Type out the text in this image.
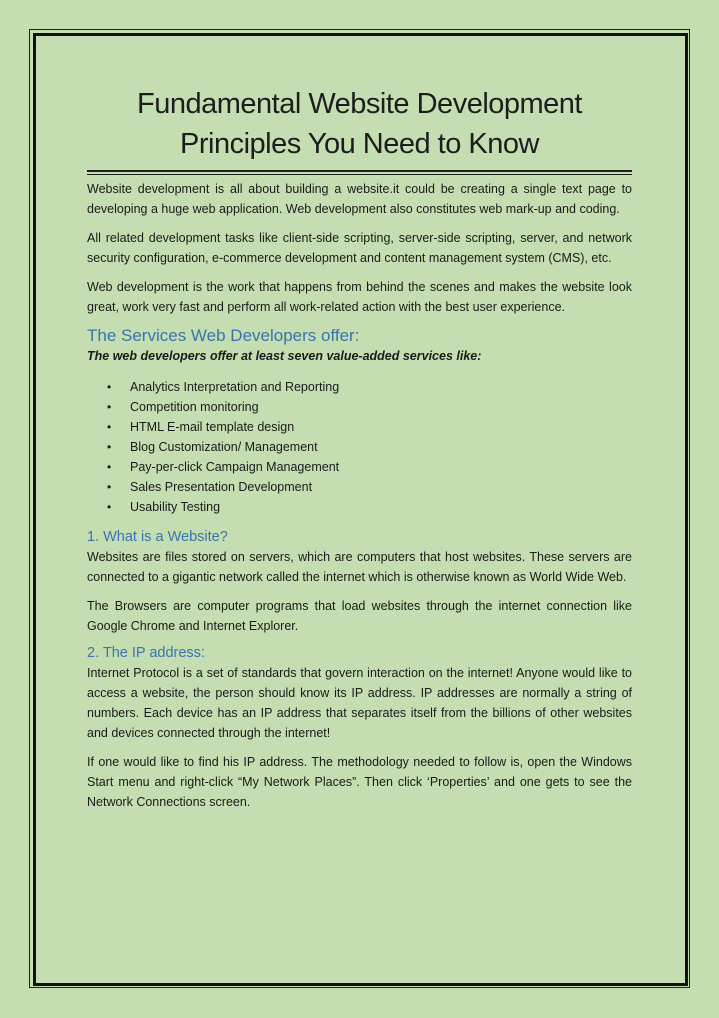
Fundamental Website Development
Principles You Need to Know

Website development is all about building a website.it could be creating a single text page to developing a huge web application. Web development also constitutes web mark-up and coding.

All related development tasks like client-side scripting, server-side scripting, server, and network security configuration, e-commerce development and content management system (CMS), etc.

Web development is the work that happens from behind the scenes and makes the website look great, work very fast and perform all work-related action with the best user experience.

The Services Web Developers offer:
The web developers offer at least seven value-added services like:
• Analytics Interpretation and Reporting
• Competition monitoring
• HTML E-mail template design
• Blog Customization/ Management
• Pay-per-click Campaign Management
• Sales Presentation Development
• Usability Testing
1. What is a Website?

Websites are files stored on servers, which are computers that host websites. These servers are connected to a gigantic network called the internet which is otherwise known as World Wide Web.

The Browsers are computer programs that load websites through the internet connection like Google Chrome and Internet Explorer.

2. The IP address:

Internet Protocol is a set of standards that govern interaction on the internet! Anyone would like to access a website, the person should know its IP address. IP addresses are normally a string of numbers. Each device has an IP address that separates itself from the billions of other websites and devices connected through the internet!

If one would like to find his IP address. The methodology needed to follow is, open the Windows Start menu and right-click “My Network Places”. Then click ‘Properties’ and one gets to see the Network Connections screen.
